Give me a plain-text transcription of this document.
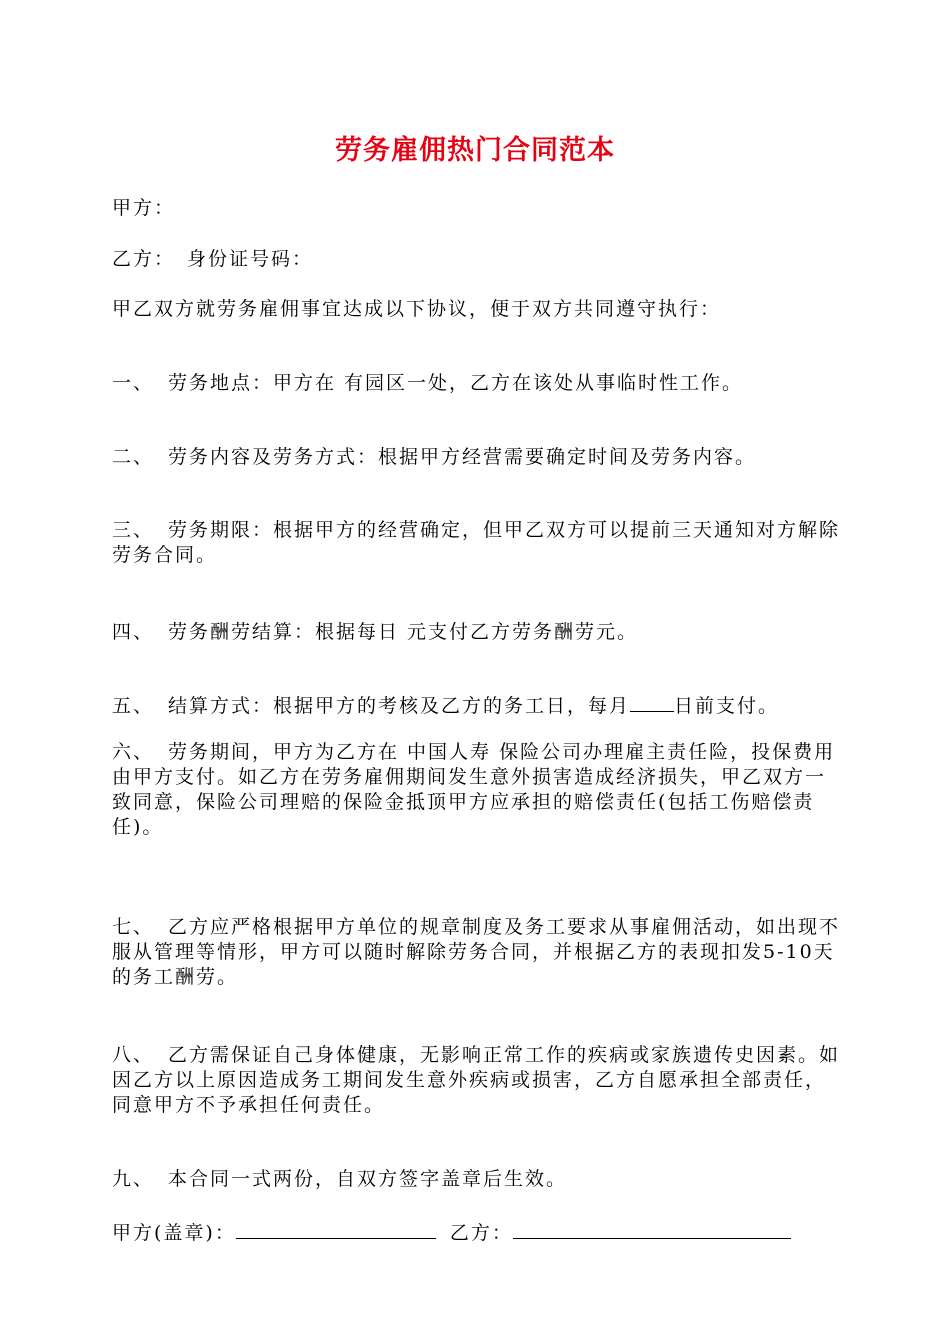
劳务雇佣热门合同范本
甲方：
乙方： 身份证号码：
甲乙双方就劳务雇佣事宜达成以下协议，便于双方共同遵守执行：
一、 劳务地点：甲方在 有园区一处，乙方在该处从事临时性工作。
二、 劳务内容及劳务方式：根据甲方经营需要确定时间及劳务内容。
三、 劳务期限：根据甲方的经营确定，但甲乙双方可以提前三天通知对方解除劳务合同。
四、 劳务酬劳结算：根据每日 元支付乙方劳务酬劳元。
五、 结算方式：根据甲方的考核及乙方的务工日，每月 日前支付。
六、 劳务期间，甲方为乙方在 中国人寿 保险公司办理雇主责任险，投保费用由甲方支付。如乙方在劳务雇佣期间发生意外损害造成经济损失，甲乙双方一致同意，保险公司理赔的保险金抵顶甲方应承担的赔偿责任(包括工伤赔偿责任)。
七、 乙方应严格根据甲方单位的规章制度及务工要求从事雇佣活动，如出现不服从管理等情形，甲方可以随时解除劳务合同，并根据乙方的表现扣发5-10天的务工酬劳。
八、 乙方需保证自己身体健康，无影响正常工作的疾病或家族遗传史因素。如因乙方以上原因造成务工期间发生意外疾病或损害，乙方自愿承担全部责任，同意甲方不予承担任何责任。
九、 本合同一式两份，自双方签字盖章后生效。
甲方(盖章)：	乙方：
